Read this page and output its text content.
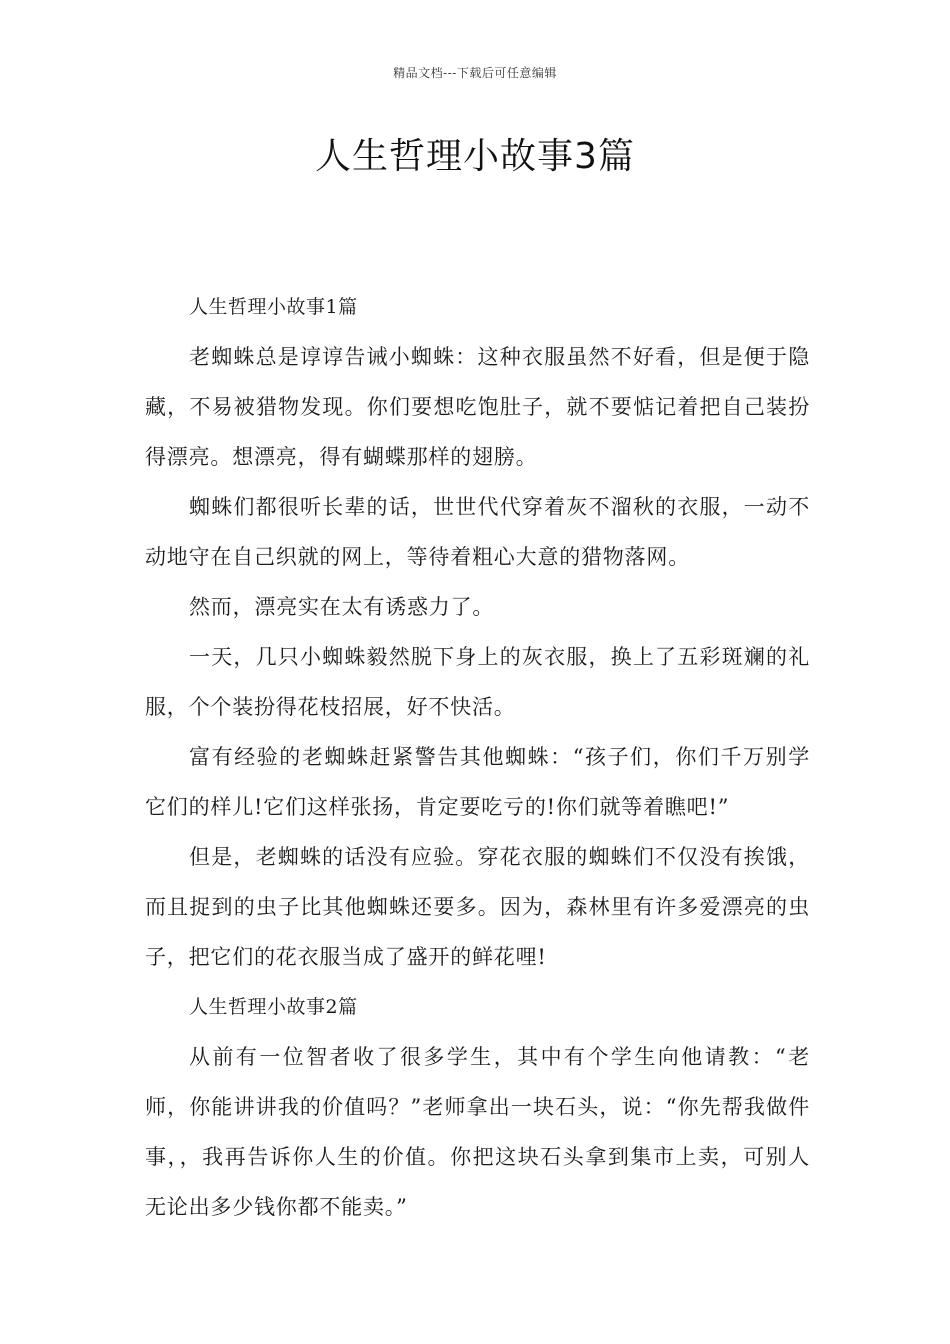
精品文档---下载后可任意编辑
人生哲理小故事3篇

人生哲理小故事1篇

老蜘蛛总是谆谆告诫小蜘蛛：这种衣服虽然不好看，但是便于隐藏，不易被猎物发现。你们要想吃饱肚子，就不要惦记着把自己装扮得漂亮。想漂亮，得有蝴蝶那样的翅膀。

蜘蛛们都很听长辈的话，世世代代穿着灰不溜秋的衣服，一动不动地守在自己织就的网上，等待着粗心大意的猎物落网。

然而，漂亮实在太有诱惑力了。

一天，几只小蜘蛛毅然脱下身上的灰衣服，换上了五彩斑斓的礼服，个个装扮得花枝招展，好不快活。

富有经验的老蜘蛛赶紧警告其他蜘蛛：“孩子们，你们千万别学它们的样儿!它们这样张扬，肯定要吃亏的!你们就等着瞧吧!”

但是，老蜘蛛的话没有应验。穿花衣服的蜘蛛们不仅没有挨饿，而且捉到的虫子比其他蜘蛛还要多。因为，森林里有许多爱漂亮的虫子，把它们的花衣服当成了盛开的鲜花哩!

人生哲理小故事2篇

从前有一位智者收了很多学生，其中有个学生向他请教：“老师，你能讲讲我的价值吗？”老师拿出一块石头，说：“你先帮我做件事，，我再告诉你人生的价值。你把这块石头拿到集市上卖，可别人无论出多少钱你都不能卖。”
